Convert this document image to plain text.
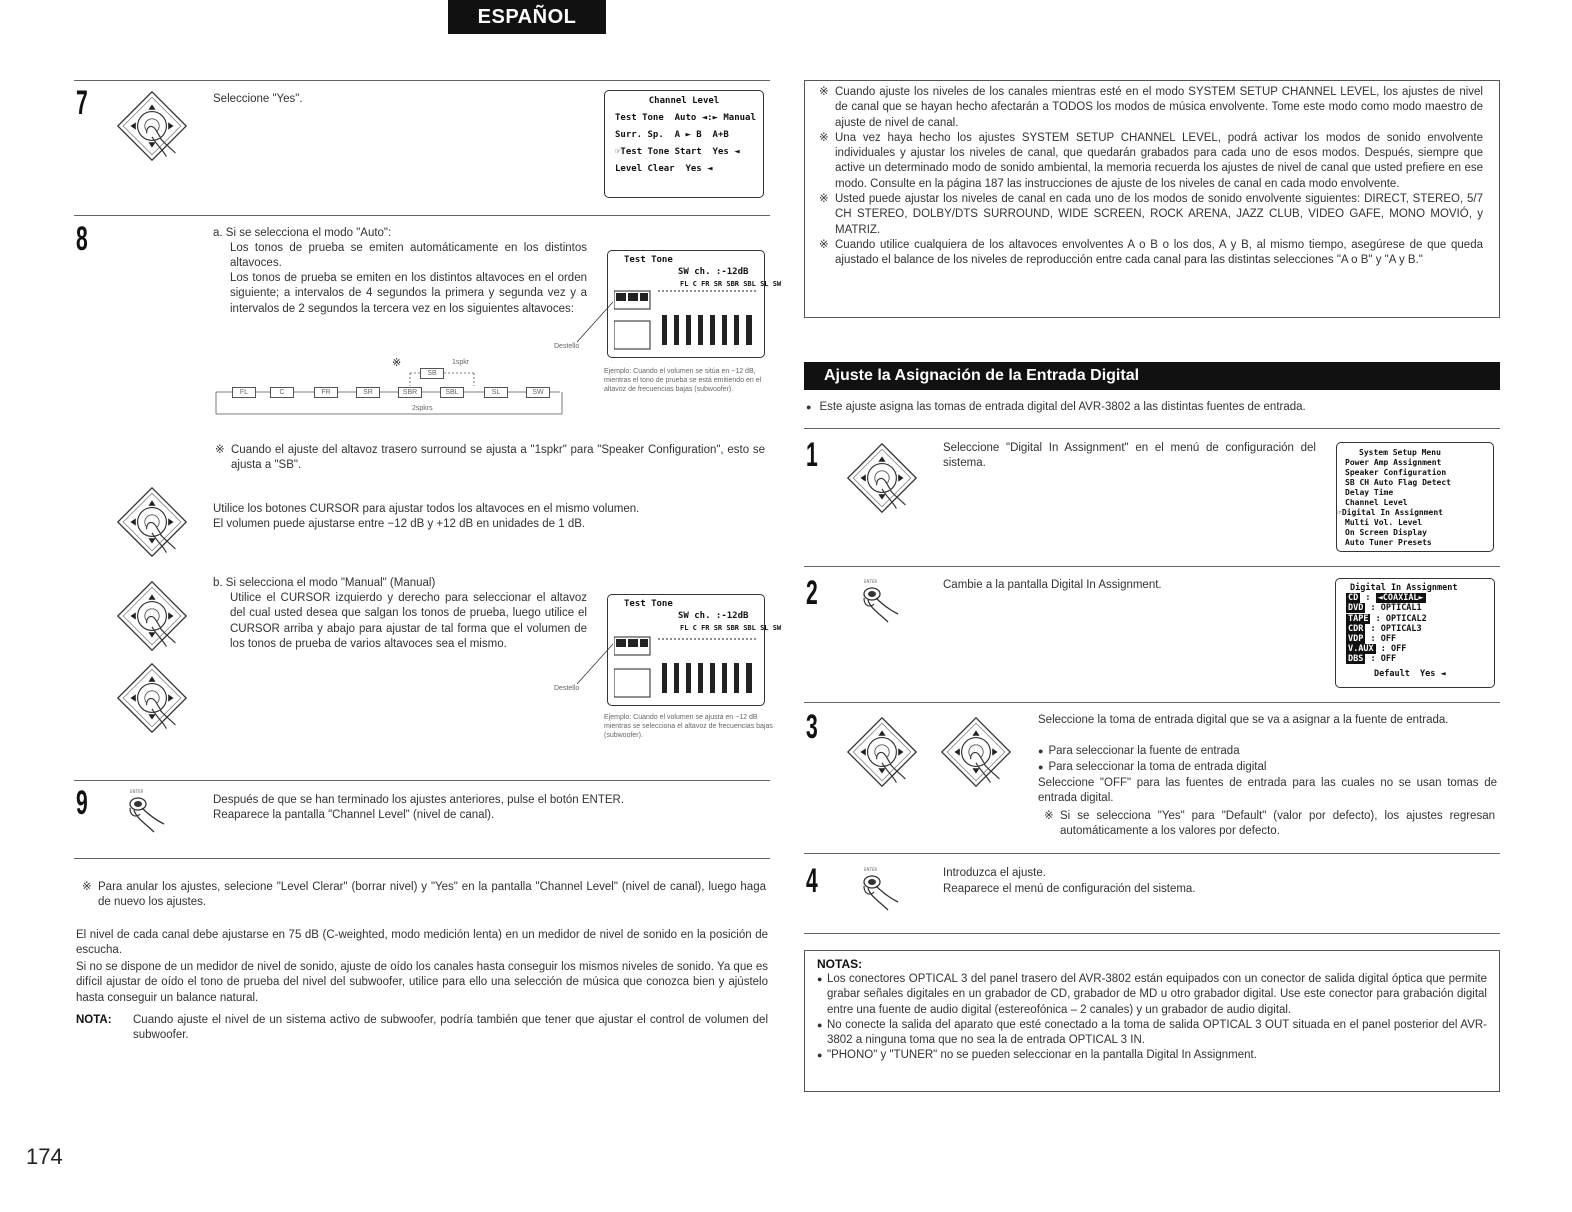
ESPAÑOL
7	Seleccione "Yes".	Channel Level
Test Tone  Auto ◄:► Manual
Surr. Sp.  A ► B  A+B
☞Test Tone Start  Yes ◄
Level Clear  Yes ◄
8	a. Si se selecciona el modo "Auto":
Los tonos de prueba se emiten automáticamente en los distintos altavoces.
Los tonos de prueba se emiten en los distintos altavoces en el orden siguiente; a intervalos de 4 segundos la primera y segunda vez y a intervalos de 2 segundos la tercera vez en los siguientes altavoces:
Test Tone
SW ch. :-12dB
FL C FR SR SBR SBL SL SW
Destello
Ejemplo: Cuando el volumen se sitúa en −12 dB, mientras el tono de prueba se está emitiendo en el altavoz de frecuencias bajas (subwoofer).
※	1spkr
SB
FL	C	FR	SR	SBR	SBL	SL	SW
2spkrs
※ Cuando el ajuste del altavoz trasero surround se ajusta a "1spkr" para "Speaker Configuration", esto se ajusta a "SB".
Utilice los botones CURSOR para ajustar todos los altavoces en el mismo volumen.
El volumen puede ajustarse entre −12 dB y +12 dB en unidades de 1 dB.
b. Si selecciona el modo "Manual" (Manual)
Utilice el CURSOR izquierdo y derecho para seleccionar el altavoz del cual usted desea que salgan los tonos de prueba, luego utilice el CURSOR arriba y abajo para ajustar de tal forma que el volumen de los tonos de prueba de varios altavoces sea el mismo.
Test Tone
SW ch. :-12dB
FL C FR SR SBR SBL SL SW
Destello
Ejemplo: Cuando el volumen se ajusta en −12 dB mientras se selecciona el altavoz de frecuencias bajas (subwoofer).
9	Después de que se han terminado los ajustes anteriores, pulse el botón ENTER.
Reaparece la pantalla "Channel Level" (nivel de canal).
※ Para anular los ajustes, selecione "Level Clerar" (borrar nivel) y "Yes" en la pantalla "Channel Level" (nivel de canal), luego haga de nuevo los ajustes.
El nivel de cada canal debe ajustarse en 75 dB (C-weighted, modo medición lenta) en un medidor de nivel de sonido en la posición de escucha.
Si no se dispone de un medidor de nivel de sonido, ajuste de oído los canales hasta conseguir los mismos niveles de sonido. Ya que es difícil ajustar de oído el tono de prueba del nivel del subwoofer, utilice para ello una selección de música que conozca bien y ajústelo hasta conseguir un balance natural.
NOTA: Cuando ajuste el nivel de un sistema activo de subwoofer, podría también que tener que ajustar el control de volumen del subwoofer.
174
※ Cuando ajuste los niveles de los canales mientras esté en el modo SYSTEM SETUP CHANNEL LEVEL, los ajustes de nivel de canal que se hayan hecho afectarán a TODOS los modos de música envolvente. Tome este modo como modo maestro de ajuste de nivel de canal.
※ Una vez haya hecho los ajustes SYSTEM SETUP CHANNEL LEVEL, podrá activar los modos de sonido envolvente individuales y ajustar los niveles de canal, que quedarán grabados para cada uno de esos modos. Después, siempre que active un determinado modo de sonido ambiental, la memoria recuerda los ajustes de nivel de canal que usted prefiere en ese modo. Consulte en la página 187 las instrucciones de ajuste de los niveles de canal en cada modo envolvente.
※ Usted puede ajustar los niveles de canal en cada uno de los modos de sonido envolvente siguientes: DIRECT, STEREO, 5/7 CH STEREO, DOLBY/DTS SURROUND, WIDE SCREEN, ROCK ARENA, JAZZ CLUB, VIDEO GAFE, MONO MOVIÓ, y MATRIZ.
※ Cuando utilice cualquiera de los altavoces envolventes A o B o los dos, A y B, al mismo tiempo, asegúrese de que queda ajustado el balance de los niveles de reproducción entre cada canal para las distintas selecciones "A o B" y "A y B."
Ajuste la Asignación de la Entrada Digital
● Este ajuste asigna las tomas de entrada digital del AVR-3802 a las distintas fuentes de entrada.
1	Seleccione "Digital In Assignment" en el menú de configuración del sistema.
System Setup Menu
Power Amp Assignment
Speaker Configuration
SB CH Auto Flag Detect
Delay Time
Channel Level
☞Digital In Assignment
Multi Vol. Level
On Screen Display
Auto Tuner Presets
2	Cambie a la pantalla Digital In Assignment.	Digital In Assignment
CD : ◄COAXIAL►
DVD : OPTICAL1
TAPE : OPTICAL2
CDR : OPTICAL3
VDP : OFF
V.AUX : OFF
DBS : OFF
Default  Yes ◄
3	Seleccione la toma de entrada digital que se va a asignar a la fuente de entrada.
● Para seleccionar la fuente de entrada
● Para seleccionar la toma de entrada digital
Seleccione "OFF" para las fuentes de entrada para las cuales no se usan tomas de entrada digital.
※ Si se selecciona "Yes" para "Default" (valor por defecto), los ajustes regresan automáticamente a los valores por defecto.
4	Introduzca el ajuste.
Reaparece el menú de configuración del sistema.
NOTAS:
● Los conectores OPTICAL 3 del panel trasero del AVR-3802 están equipados con un conector de salida digital óptica que permite grabar señales digitales en un grabador de CD, grabador de MD u otro grabador digital. Use este conector para grabación digital entre una fuente de audio digital (estereofónica – 2 canales) y un grabador de audio digital.
● No conecte la salida del aparato que esté conectado a la toma de salida OPTICAL 3 OUT situada en el panel posterior del AVR-3802 a ninguna toma que no sea la de entrada OPTICAL 3 IN.
● "PHONO" y "TUNER" no se pueden seleccionar en la pantalla Digital In Assignment.
